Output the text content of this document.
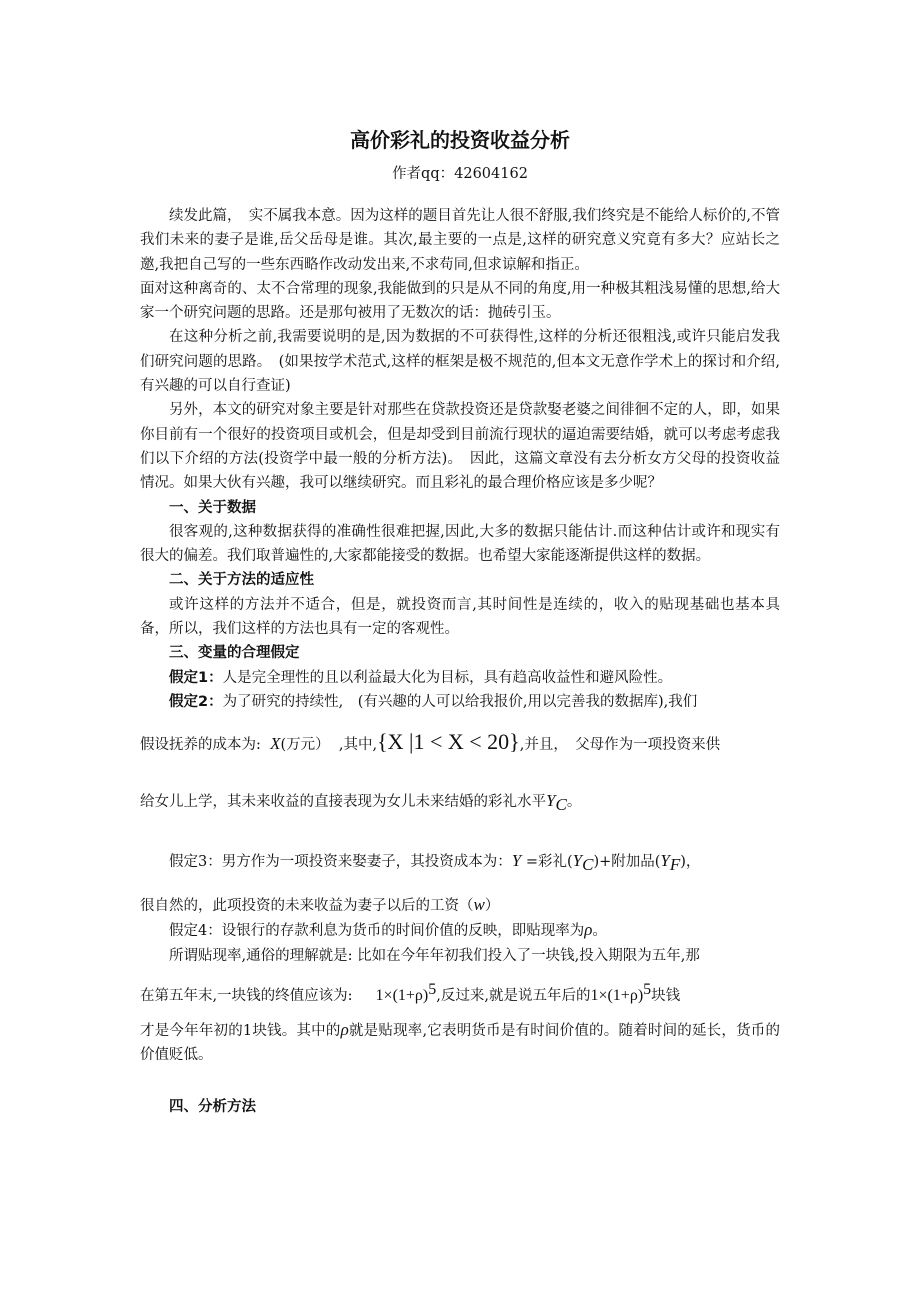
高价彩礼的投资收益分析
作者qq：42604162

续发此篇，　实不属我本意。因为这样的题目首先让人很不舒服,我们终究是不能给人标价的,不管我们未来的妻子是谁,岳父岳母是谁。其次,最主要的一点是,这样的研究意义究竟有多大？应站长之邀,我把自己写的一些东西略作改动发出来,不求苟同,但求谅解和指正。

面对这种离奇的、太不合常理的现象,我能做到的只是从不同的角度,用一种极其粗浅易懂的思想,给大家一个研究问题的思路。还是那句被用了无数次的话：抛砖引玉。

在这种分析之前,我需要说明的是,因为数据的不可获得性,这样的分析还很粗浅,或许只能启发我们研究问题的思路。　(如果按学术范式,这样的框架是极不规范的,但本文无意作学术上的探讨和介绍,有兴趣的可以自行查证)

另外，本文的研究对象主要是针对那些在贷款投资还是贷款娶老婆之间徘徊不定的人，即，如果你目前有一个很好的投资项目或机会，但是却受到目前流行现状的逼迫需要结婚，就可以考虑考虑我们以下介绍的方法(投资学中最一般的分析方法)。　因此，这篇文章没有去分析女方父母的投资收益情况。如果大伙有兴趣，我可以继续研究。而且彩礼的最合理价格应该是多少呢？

一、关于数据

很客观的,这种数据获得的准确性很难把握,因此,大多的数据只能估计.而这种估计或许和现实有很大的偏差。我们取普遍性的,大家都能接受的数据。也希望大家能逐渐提供这样的数据。

二、关于方法的适应性

或许这样的方法并不适合，但是，就投资而言,其时间性是连续的，收入的贴现基础也基本具备，所以，我们这样的方法也具有一定的客观性。

三、变量的合理假定

假定1：人是完全理性的且以利益最大化为目标，具有趋高收益性和避风险性。

假定2：为了研究的持续性,　(有兴趣的人可以给我报价,用以完善我的数据库),我们

假设抚养的成本为: X(万元） ,其中,{X |1 < X < 20},并且，　父母作为一项投资来供

给女儿上学，其未来收益的直接表现为女儿未来结婚的彩礼水平$Y_C$。

假定3：男方作为一项投资来娶妻子，其投资成本为：Y =彩礼$(Y_C)+$附加品$(Y_F)$，

很自然的，此项投资的未来收益为妻子以后的工资（w）

假定4：设银行的存款利息为货币的时间价值的反映，即贴现率为ρ。

所谓贴现率,通俗的理解就是: 比如在今年年初我们投入了一块钱,投入期限为五年,那

在第五年末,一块钱的终值应该为: $1\times(1+\rho)^5$,反过来,就是说五年后的$1\times(1+\rho)^5$块钱

才是今年年初的1块钱。其中的ρ就是贴现率,它表明货币是有时间价值的。随着时间的延长，货币的价值贬低。

四、分析方法
